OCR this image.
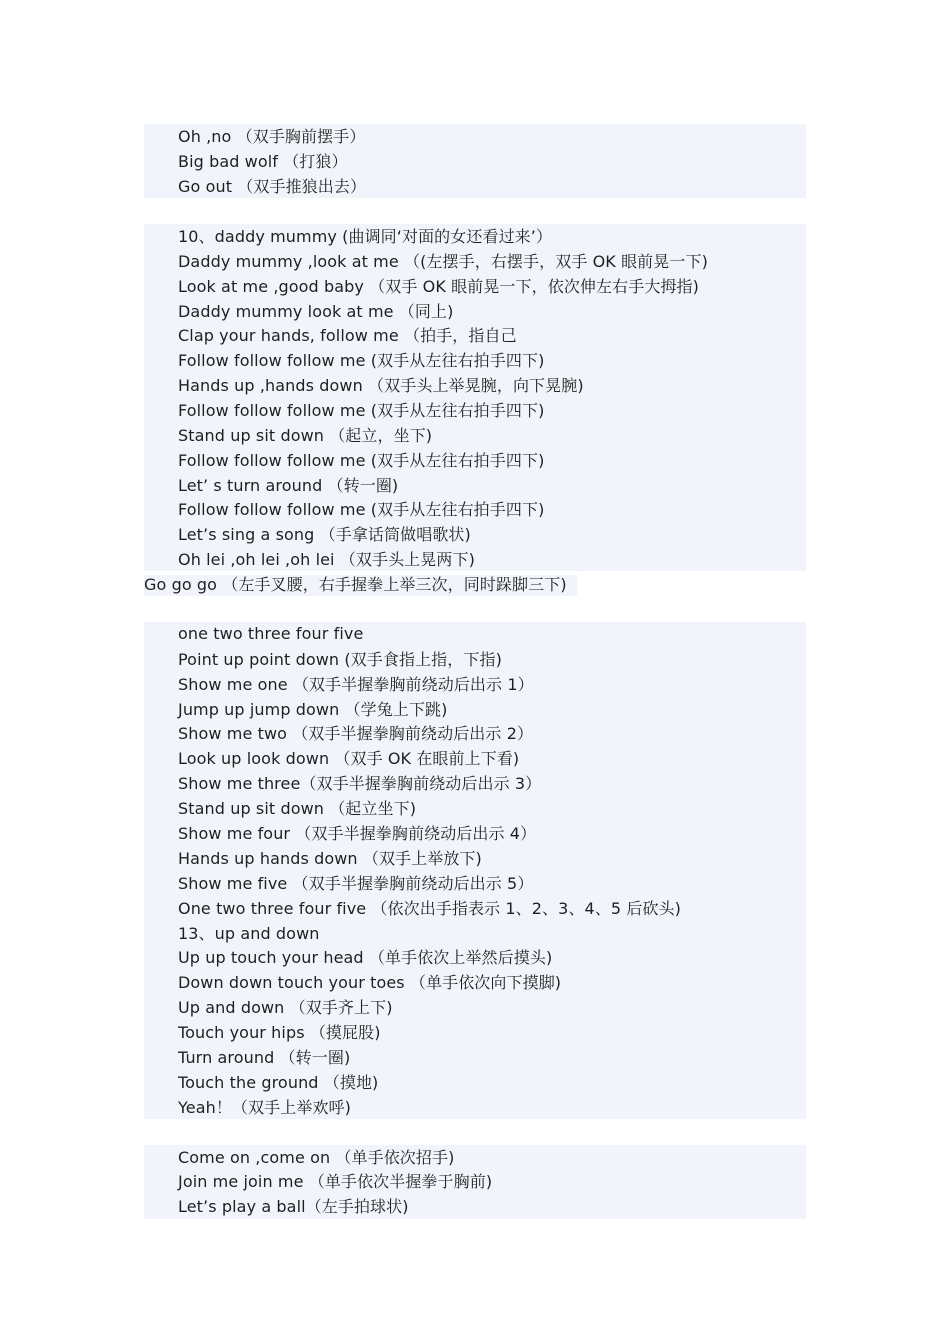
Oh ,no （双手胸前摆手）
Big bad wolf （打狼）
Go out （双手推狼出去）
10、daddy mummy (曲调同‘对面的女还看过来’）
Daddy mummy ,look at me （(左摆手，右摆手，双手 OK 眼前晃一下)
Look at me ,good baby （双手 OK 眼前晃一下，依次伸左右手大拇指)
Daddy mummy look at me （同上)
Clap your hands, follow me （拍手，指自己
Follow follow follow me (双手从左往右拍手四下)
Hands up ,hands down （双手头上举晃腕，向下晃腕)
Follow follow follow me (双手从左往右拍手四下)
Stand up sit down （起立，坐下)
Follow follow follow me (双手从左往右拍手四下)
Let’ s turn around （转一圈)
Follow follow follow me (双手从左往右拍手四下)
Let’s sing a song （手拿话筒做唱歌状)
Oh lei ,oh lei ,oh lei （双手头上晃两下)
Go go go （左手叉腰，右手握拳上举三次，同时跺脚三下)
one two three four five
Point up point down (双手食指上指，下指)
Show me one （双手半握拳胸前绕动后出示 1）
Jump up jump down （学兔上下跳)
Show me two （双手半握拳胸前绕动后出示 2）
Look up look down （双手 OK 在眼前上下看)
Show me three（双手半握拳胸前绕动后出示 3）
Stand up sit down （起立坐下)
Show me four （双手半握拳胸前绕动后出示 4）
Hands up hands down （双手上举放下)
Show me five （双手半握拳胸前绕动后出示 5）
One two three four five （依次出手指表示 1、2、3、4、5 后砍头)
13、up and down
Up up touch your head （单手依次上举然后摸头)
Down down touch your toes （单手依次向下摸脚)
Up and down （双手齐上下)
Touch your hips （摸屁股)
Turn around （转一圈)
Touch the ground （摸地)
Yeah！（双手上举欢呼)
Come on ,come on （单手依次招手)
Join me join me （单手依次半握拳于胸前)
Let’s play a ball（左手拍球状)
